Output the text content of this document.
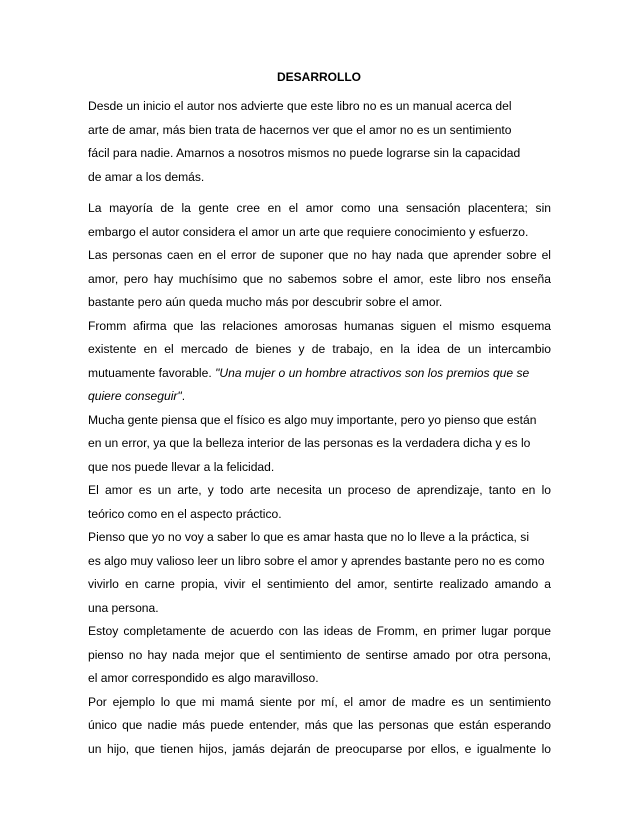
DESARROLLO
Desde un inicio el autor nos advierte que este libro no es un manual acerca del
arte de amar, más bien trata de hacernos ver que el amor no es un sentimiento
fácil para nadie. Amarnos a nosotros mismos no puede lograrse sin la capacidad
de amar a los demás.
La mayoría de la gente cree en el amor como una sensación placentera; sin
embargo el autor considera el amor un arte que requiere conocimiento y esfuerzo.
Las personas caen en el error de suponer que no hay nada que aprender sobre el
amor, pero hay muchísimo que no sabemos sobre el amor, este libro nos enseña
bastante pero aún queda mucho más por descubrir sobre el amor.
Fromm afirma que las relaciones amorosas humanas siguen el mismo esquema
existente en el mercado de bienes y de trabajo, en la idea de un intercambio
mutuamente favorable. "Una mujer o un hombre atractivos son los premios que se
quiere conseguir".
Mucha gente piensa que el físico es algo muy importante, pero yo pienso que están
en un error, ya que la belleza interior de las personas es la verdadera dicha y es lo
que nos puede llevar a la felicidad.
El amor es un arte, y todo arte necesita un proceso de aprendizaje, tanto en lo
teórico como en el aspecto práctico.
Pienso que yo no voy a saber lo que es amar hasta que no lo lleve a la práctica, si
es algo muy valioso leer un libro sobre el amor y aprendes bastante pero no es como
vivirlo en carne propia, vivir el sentimiento del amor, sentirte realizado amando a
una persona.
Estoy completamente de acuerdo con las ideas de Fromm, en primer lugar porque
pienso no hay nada mejor que el sentimiento de sentirse amado por otra persona,
el amor correspondido es algo maravilloso.
Por ejemplo lo que mi mamá siente por mí, el amor de madre es un sentimiento
único que nadie más puede entender, más que las personas que están esperando
un hijo, que tienen hijos, jamás dejarán de preocuparse por ellos, e igualmente lo
